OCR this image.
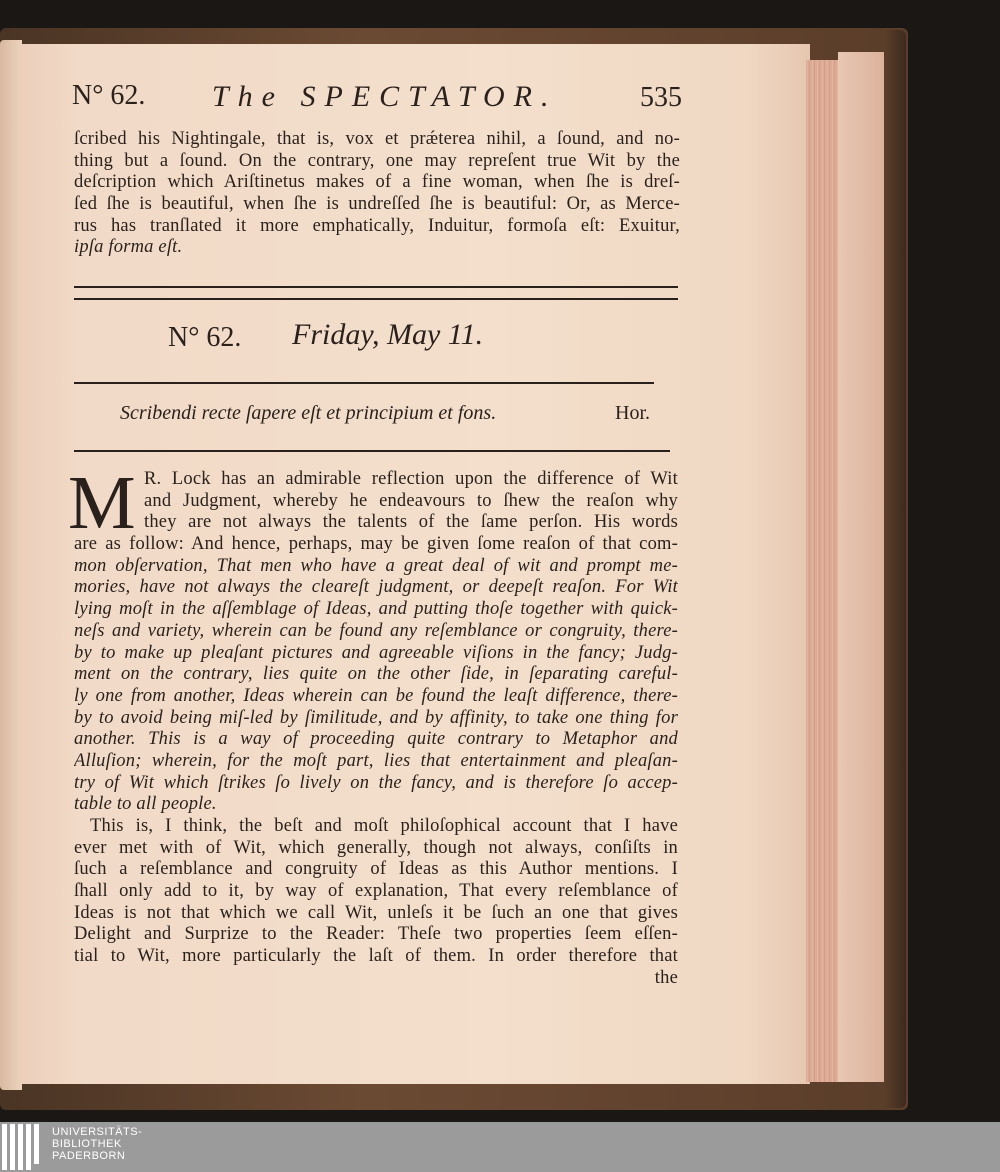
N° 62. The SPECTATOR.	535
ſcribed his Nightingale, that is, vox et prǽterea nihil, a ſound, and no-
thing but a ſound. On the contrary, one may repreſent true Wit by the
deſcription which Ariſtinetus makes of a fine woman, when ſhe is dreſ-
ſed ſhe is beautiful, when ſhe is undreſſed ſhe is beautiful: Or, as Merce-
rus has tranſlated it more emphatically, Induitur, formoſa eſt: Exuitur,
ipſa forma eſt.
N° 62. Friday, May 11.
Scribendi recte ſapere eſt et principium et fons.	Hor.
M R. Lock has an admirable reflection upon the difference of Wit
and Judgment, whereby he endeavours to ſhew the reaſon why
they are not always the talents of the ſame perſon. His words
are as follow: And hence, perhaps, may be given ſome reaſon of that com-
mon obſervation, That men who have a great deal of wit and prompt me-
mories, have not always the cleareſt judgment, or deepeſt reaſon. For Wit
lying moſt in the aſſemblage of Ideas, and putting thoſe together with quick-
neſs and variety, wherein can be found any reſemblance or congruity, there-
by to make up pleaſant pictures and agreeable viſions in the fancy; Judg-
ment on the contrary, lies quite on the other ſide, in ſeparating careful-
ly one from another, Ideas wherein can be found the leaſt difference, there-
by to avoid being miſ-led by ſimilitude, and by affinity, to take one thing for
another. This is a way of proceeding quite contrary to Metaphor and
Alluſion; wherein, for the moſt part, lies that entertainment and pleaſan-
try of Wit which ſtrikes ſo lively on the fancy, and is therefore ſo accep-
table to all people.
This is, I think, the beſt and moſt philoſophical account that I have
ever met with of Wit, which generally, though not always, conſiſts in
ſuch a reſemblance and congruity of Ideas as this Author mentions. I
ſhall only add to it, by way of explanation, That every reſemblance of
Ideas is not that which we call Wit, unleſs it be ſuch an one that gives
Delight and Surprize to the Reader: Theſe two properties ſeem eſſen-
tial to Wit, more particularly the laſt of them. In order therefore that
the
UNIVERSITÄTS-
BIBLIOTHEK
PADERBORN
